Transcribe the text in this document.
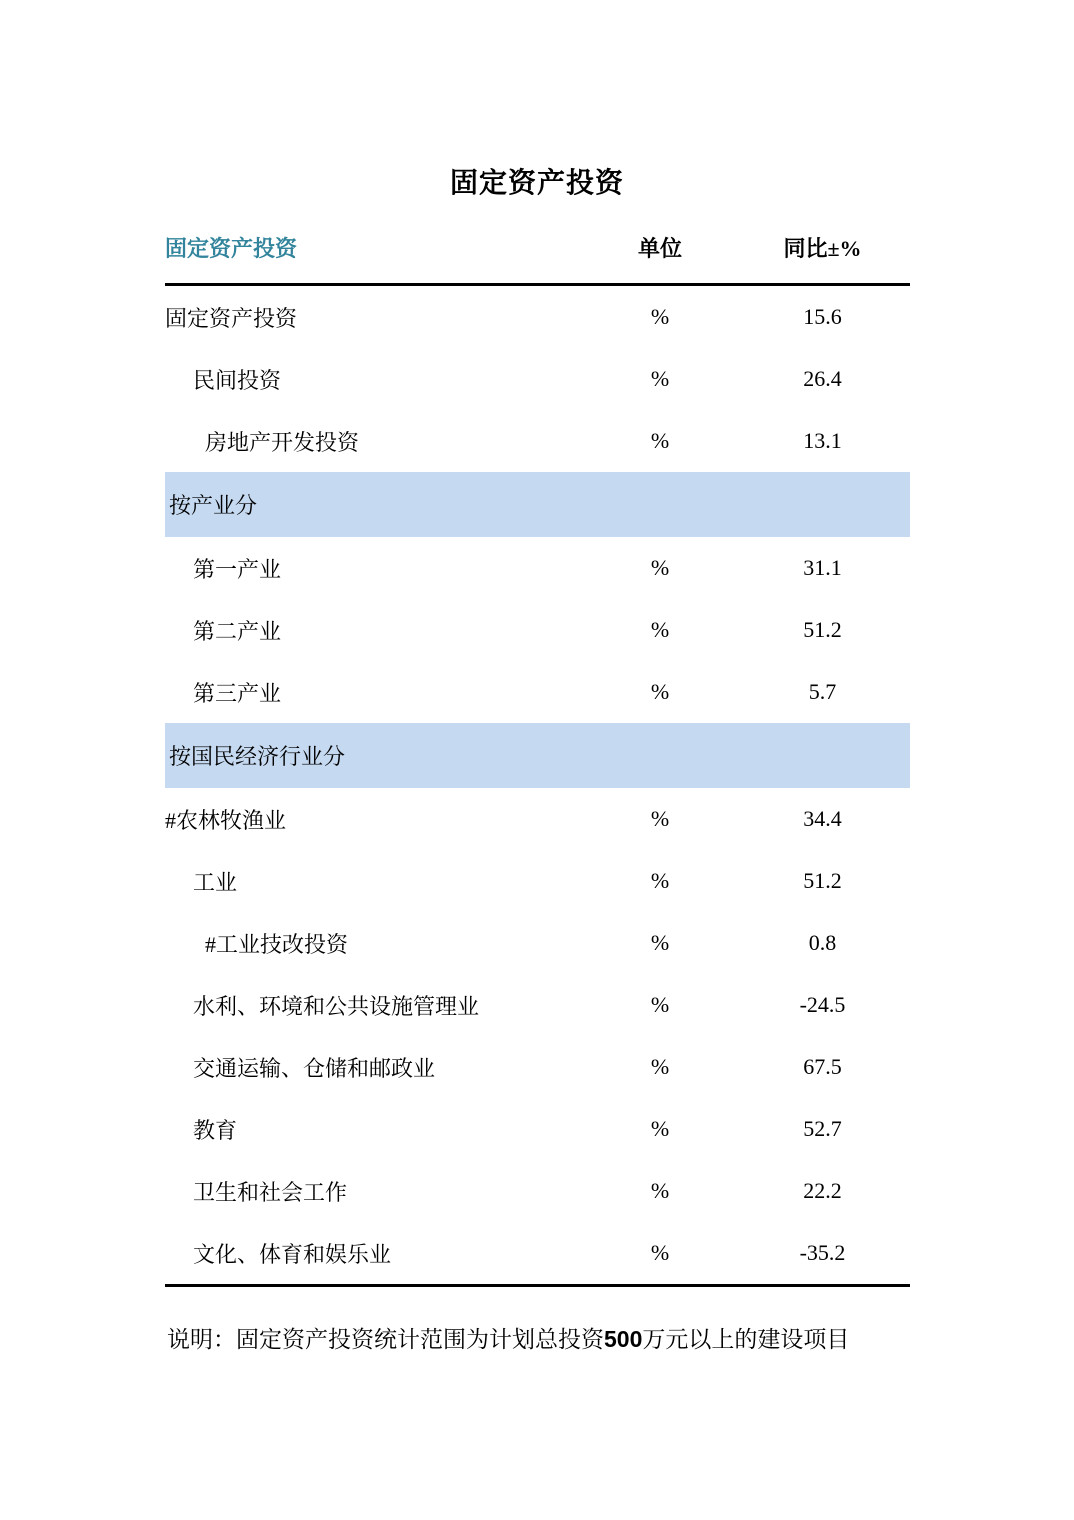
固定资产投资
固定资产投资	单位	同比±%
固定资产投资	%	15.6
民间投资	%	26.4
房地产开发投资	%	13.1
按产业分
第一产业	%	31.1
第二产业	%	51.2
第三产业	%	5.7
按国民经济行业分
#农林牧渔业	%	34.4
工业	%	51.2
#工业技改投资	%	0.8
水利、环境和公共设施管理业	%	-24.5
交通运输、仓储和邮政业	%	67.5
教育	%	52.7
卫生和社会工作	%	22.2
文化、体育和娱乐业	%	-35.2
说明：固定资产投资统计范围为计划总投资500万元以上的建设项目
